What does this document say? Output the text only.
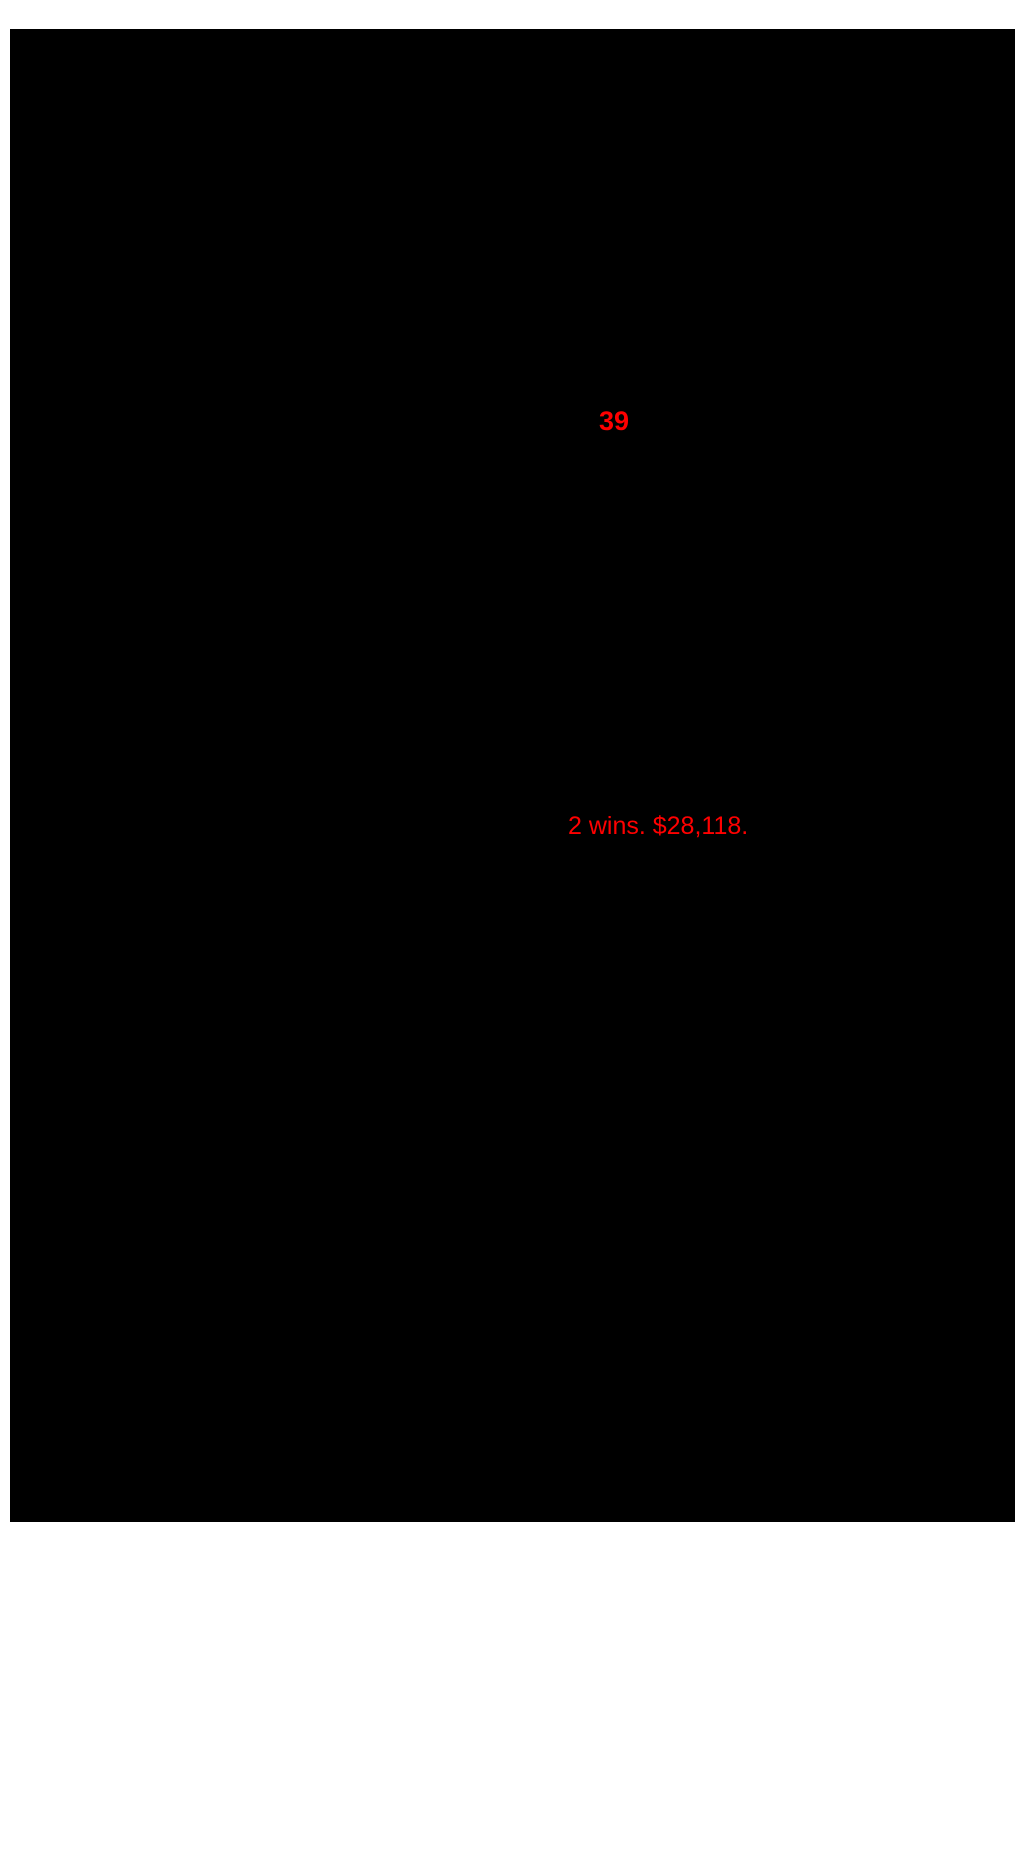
39
2 wins. $28,118.
